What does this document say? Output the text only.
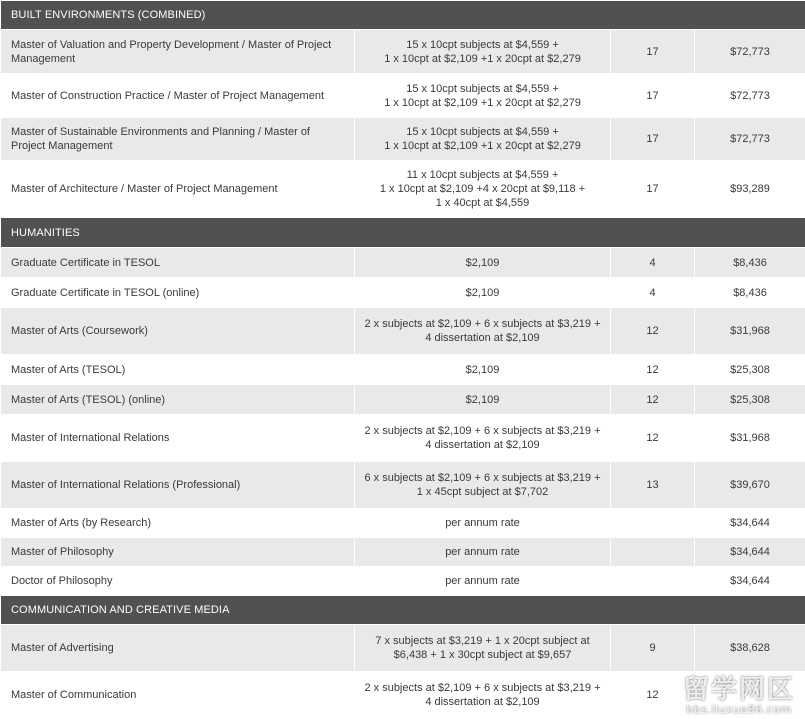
BUILT ENVIRONMENTS (COMBINED)			

Master of Valuation and Property Development / Master of Project
Management	15 x 10cpt subjects at $4,559 +
1 x 10cpt at $2,109 +1 x 20cpt at $2,279	17	$72,773

Master of Construction Practice / Master of Project Management	15 x 10cpt subjects at $4,559 +
1 x 10cpt at $2,109 +1 x 20cpt at $2,279	17	$72,773

Master of Sustainable Environments and Planning / Master of
Project Management	15 x 10cpt subjects at $4,559 +
1 x 10cpt at $2,109 +1 x 20cpt at $2,279	17	$72,773

Master of Architecture / Master of Project Management	11 x 10cpt subjects at $4,559 +
1 x 10cpt at $2,109 +4 x 20cpt at $9,118 +
1 x 40cpt at $4,559	17	$93,289
HUMANITIES			

Graduate Certificate in TESOL	$2,109	4	$8,436

Graduate Certificate in TESOL (online)	$2,109	4	$8,436

Master of Arts (Coursework)	2 x subjects at $2,109 + 6 x subjects at $3,219 +
4 dissertation at $2,109	12	$31,968

Master of Arts (TESOL)	$2,109	12	$25,308

Master of Arts (TESOL) (online)	$2,109	12	$25,308

Master of International Relations	2 x subjects at $2,109 + 6 x subjects at $3,219 +
4 dissertation at $2,109	12	$31,968

Master of International Relations (Professional)	6 x subjects at $2,109 + 6 x subjects at $3,219 +
1 x 45cpt subject at $7,702	13	$39,670

Master of Arts (by Research)	per annum rate		$34,644

Master of Philosophy	per annum rate		$34,644

Doctor of Philosophy	per annum rate		$34,644
COMMUNICATION AND CREATIVE MEDIA			

Master of Advertising	7 x subjects at $3,219 + 1 x 20cpt subject at
$6,438 + 1 x 30cpt subject at $9,657	9	$38,628

Master of Communication	2 x subjects at $2,109 + 6 x subjects at $3,219 +
4 dissertation at $2,109	12	留学网区
bbs.liuxue86.com
